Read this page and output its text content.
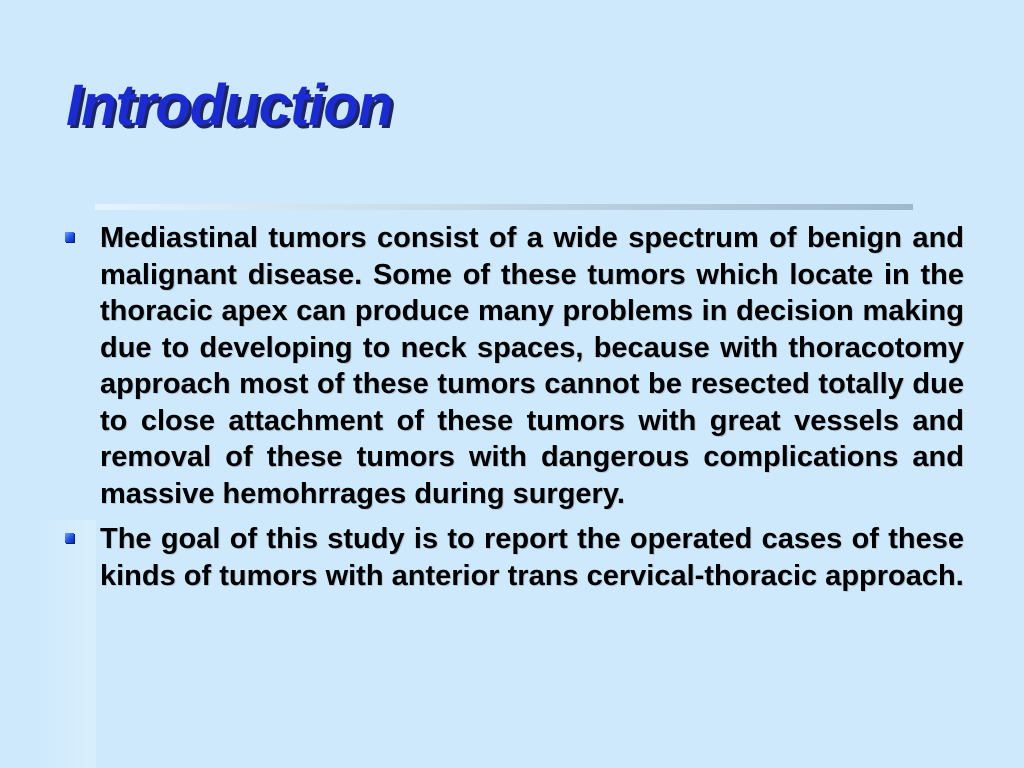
Introduction
Mediastinal tumors consist of a wide spectrum of benign and malignant disease. Some of these tumors which locate in the thoracic apex can produce many problems in decision making due to developing to neck spaces, because with thoracotomy approach most of these tumors cannot be resected totally due to close attachment of these tumors with great vessels and removal of these tumors with dangerous complications and massive hemohrrages during surgery.
The goal of this study is to report the operated cases of these kinds of tumors with anterior trans cervical-thoracic approach.
